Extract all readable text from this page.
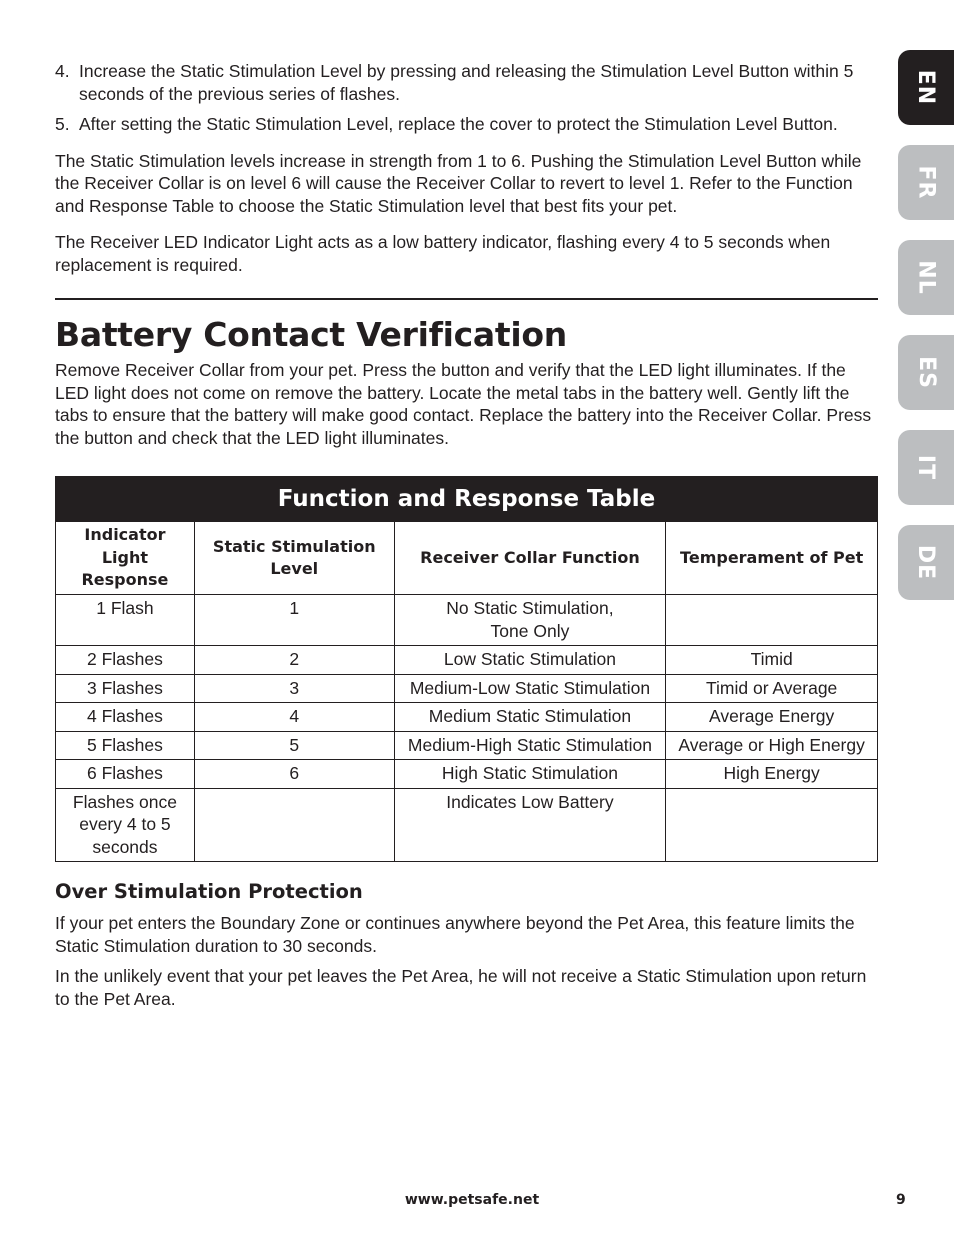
4. Increase the Static Stimulation Level by pressing and releasing the Stimulation Level Button within 5 seconds of the previous series of flashes.
5. After setting the Static Stimulation Level, replace the cover to protect the Stimulation Level Button.

The Static Stimulation levels increase in strength from 1 to 6. Pushing the Stimulation Level Button while the Receiver Collar is on level 6 will cause the Receiver Collar to revert to level 1. Refer to the Function and Response Table to choose the Static Stimulation level that best fits your pet.

The Receiver LED Indicator Light acts as a low battery indicator, flashing every 4 to 5 seconds when replacement is required.

Battery Contact Verification

Remove Receiver Collar from your pet. Press the button and verify that the LED light illuminates. If the LED light does not come on remove the battery. Locate the metal tabs in the battery well. Gently lift the tabs to ensure that the battery will make good contact. Replace the battery into the Receiver Collar. Press the button and check that the LED light illuminates.

Function and Response Table			

Indicator Light Response	Static Stimulation Level	Receiver Collar Function	Temperament of Pet
1 Flash	1	No Static Stimulation, Tone Only	

2 Flashes	2	Low Static Stimulation	Timid
3 Flashes	3	Medium-Low Static Stimulation	Timid or Average
4 Flashes	4	Medium Static Stimulation	Average Energy
5 Flashes	5	Medium-High Static Stimulation	Average or High Energy
6 Flashes	6	High Static Stimulation	High Energy

Flashes once every 4 to 5 seconds		Indicates Low Battery	
Over Stimulation Protection

If your pet enters the Boundary Zone or continues anywhere beyond the Pet Area, this feature limits the Static Stimulation duration to 30 seconds.

In the unlikely event that your pet leaves the Pet Area, he will not receive a Static Stimulation upon return to the Pet Area.

EN
FR
NL
ES
IT
DE
www.petsafe.net	9
